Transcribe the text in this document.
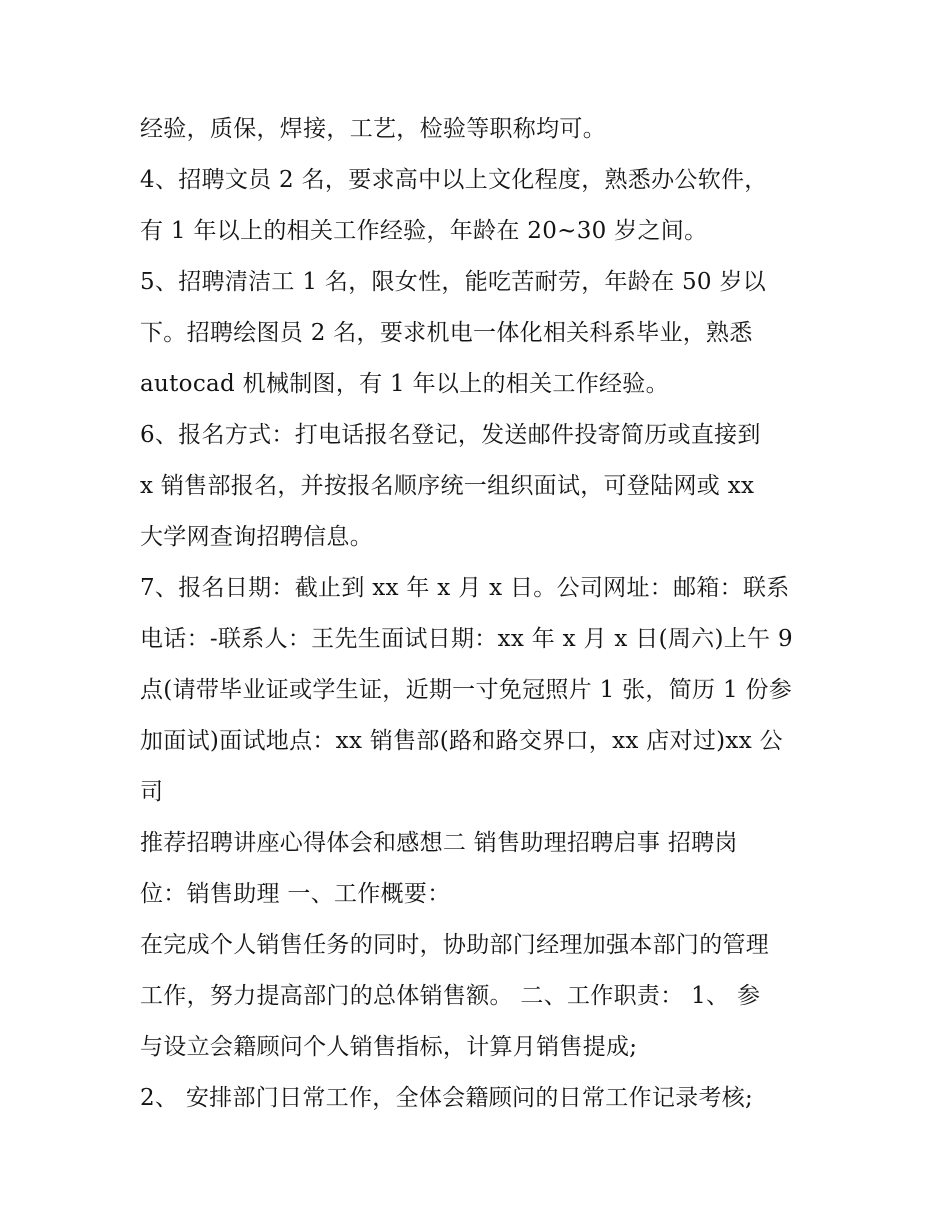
经验，质保，焊接，工艺，检验等职称均可。
4、招聘文员 2 名，要求高中以上文化程度，熟悉办公软件，
有 1 年以上的相关工作经验，年龄在 20~30 岁之间。
5、招聘清洁工 1 名，限女性，能吃苦耐劳，年龄在 50 岁以
下。招聘绘图员 2 名，要求机电一体化相关科系毕业，熟悉
autocad 机械制图，有 1 年以上的相关工作经验。
6、报名方式：打电话报名登记，发送邮件投寄简历或直接到
x 销售部报名，并按报名顺序统一组织面试，可登陆网或 xx
大学网查询招聘信息。
7、报名日期：截止到 xx 年 x 月 x 日。公司网址：邮箱：联系
电话：-联系人：王先生面试日期：xx 年 x 月 x 日(周六)上午 9
点(请带毕业证或学生证，近期一寸免冠照片 1 张，简历 1 份参
加面试)面试地点：xx 销售部(路和路交界口，xx 店对过)xx 公
司
推荐招聘讲座心得体会和感想二 销售助理招聘启事 招聘岗
位：销售助理 一、工作概要：
在完成个人销售任务的同时，协助部门经理加强本部门的管理
工作，努力提高部门的总体销售额。 二、工作职责： 1、 参
与设立会籍顾问个人销售指标，计算月销售提成;
2、 安排部门日常工作，全体会籍顾问的日常工作记录考核;
